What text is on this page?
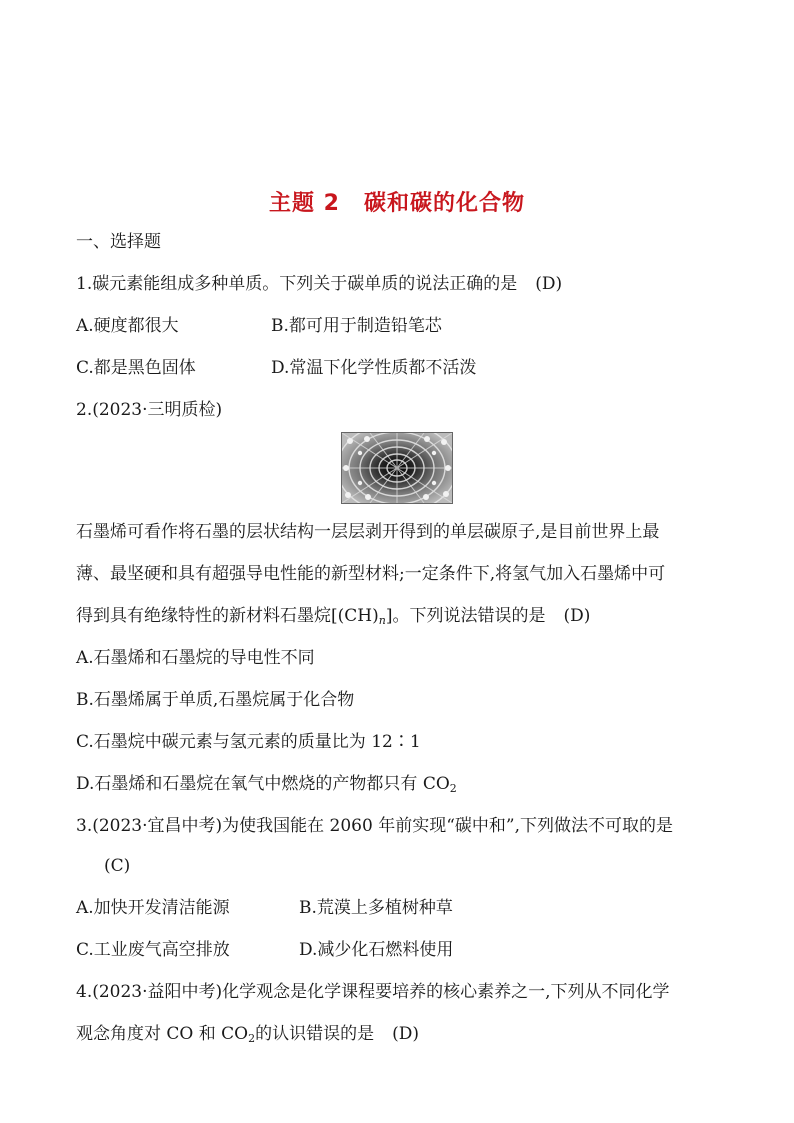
主题 2 碳和碳的化合物
一、选择题
1.碳元素能组成多种单质。下列关于碳单质的说法正确的是 (D)
A.硬度都很大	B.都可用于制造铅笔芯
C.都是黑色固体	D.常温下化学性质都不活泼
2.(2023·三明质检)
石墨烯可看作将石墨的层状结构一层层剥开得到的单层碳原子,是目前世界上最
薄、最坚硬和具有超强导电性能的新型材料;一定条件下,将氢气加入石墨烯中可
得到具有绝缘特性的新材料石墨烷$[(CH)_n]$。下列说法错误的是 (D)
A.石墨烯和石墨烷的导电性不同
B.石墨烯属于单质,石墨烷属于化合物
C.石墨烷中碳元素与氢元素的质量比为 12∶1
D.石墨烯和石墨烷在氧气中燃烧的产物都只有 $CO_2$
3.(2023·宜昌中考)为使我国能在 2060 年前实现“碳中和”,下列做法不可取的是
(C)
A.加快开发清洁能源	B.荒漠上多植树种草
C.工业废气高空排放	D.减少化石燃料使用
4.(2023·益阳中考)化学观念是化学课程要培养的核心素养之一,下列从不同化学
观念角度对 CO 和 $CO_2$的认识错误的是 (D)
